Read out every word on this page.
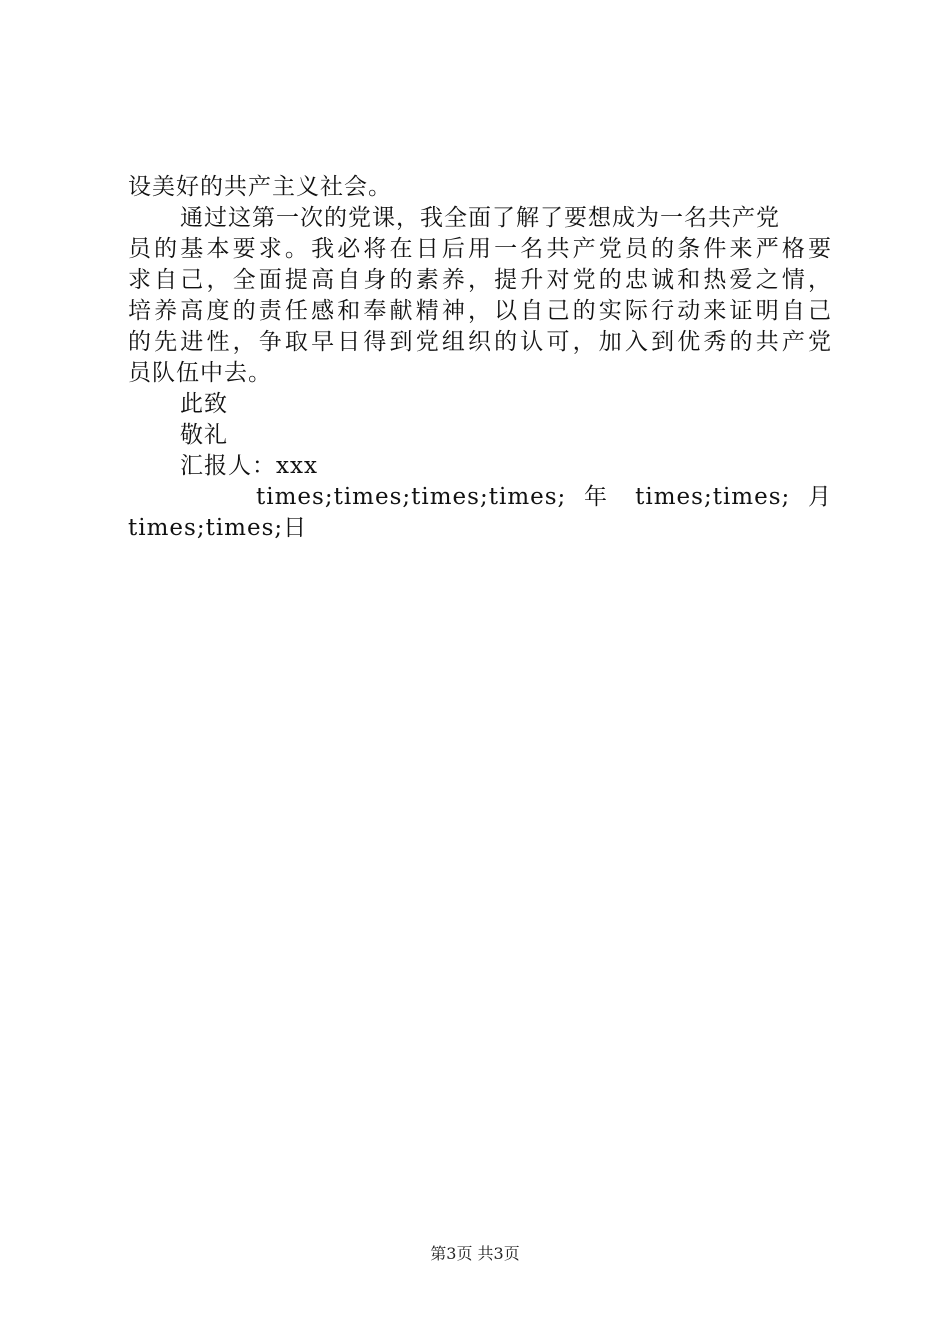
设美好的共产主义社会。
通过这第一次的党课，我全面了解了要想成为一名共产党
员的基本要求。我必将在日后用一名共产党员的条件来严格要
求自己，全面提高自身的素养，提升对党的忠诚和热爱之情，
培养高度的责任感和奉献精神，以自己的实际行动来证明自己
的先进性，争取早日得到党组织的认可，加入到优秀的共产党
员队伍中去。
此致
敬礼
汇报人：xxx
times;times;times;times; 年 times;times; 月
times;times;日
第3页 共3页
